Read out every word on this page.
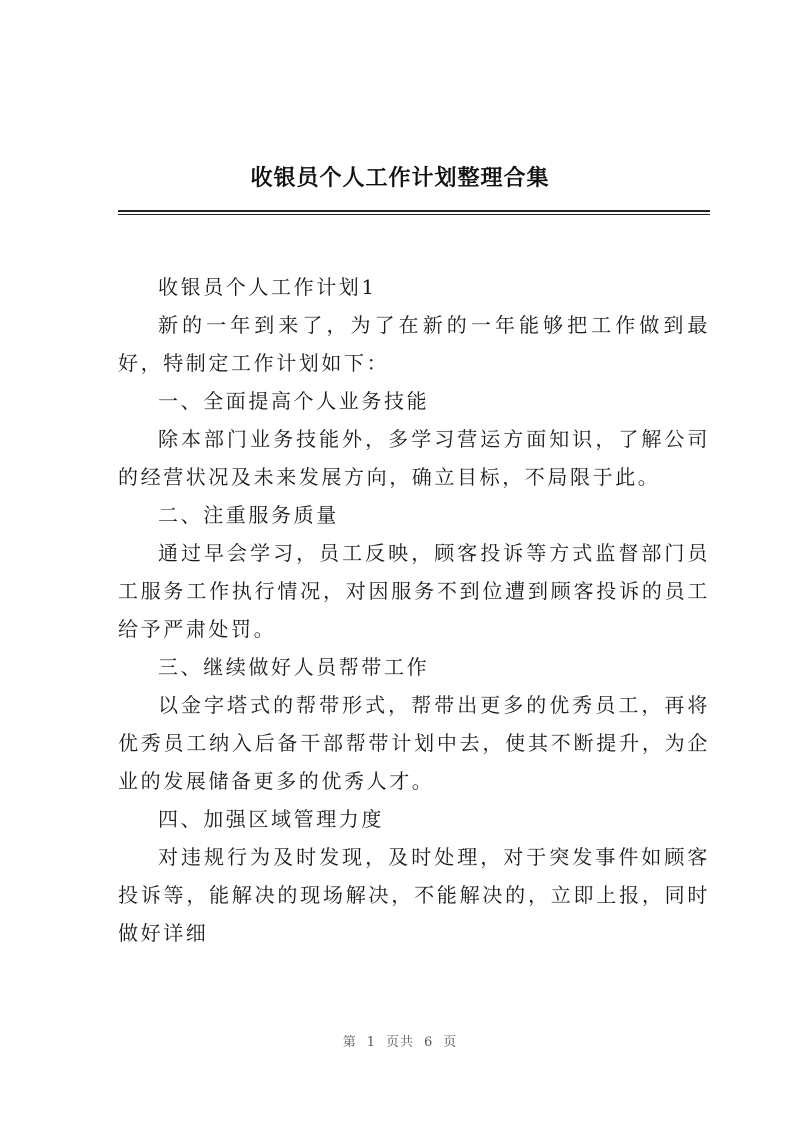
收银员个人工作计划整理合集

收银员个人工作计划1

新的一年到来了，为了在新的一年能够把工作做到最好，特制定工作计划如下：

一、全面提高个人业务技能

除本部门业务技能外，多学习营运方面知识，了解公司的经营状况及未来发展方向，确立目标，不局限于此。

二、注重服务质量

通过早会学习，员工反映，顾客投诉等方式监督部门员工服务工作执行情况，对因服务不到位遭到顾客投诉的员工给予严肃处罚。

三、继续做好人员帮带工作

以金字塔式的帮带形式，帮带出更多的优秀员工，再将优秀员工纳入后备干部帮带计划中去，使其不断提升，为企业的发展储备更多的优秀人才。

四、加强区域管理力度

对违规行为及时发现，及时处理，对于突发事件如顾客投诉等，能解决的现场解决，不能解决的，立即上报，同时做好详细

第 1 页共 6 页
